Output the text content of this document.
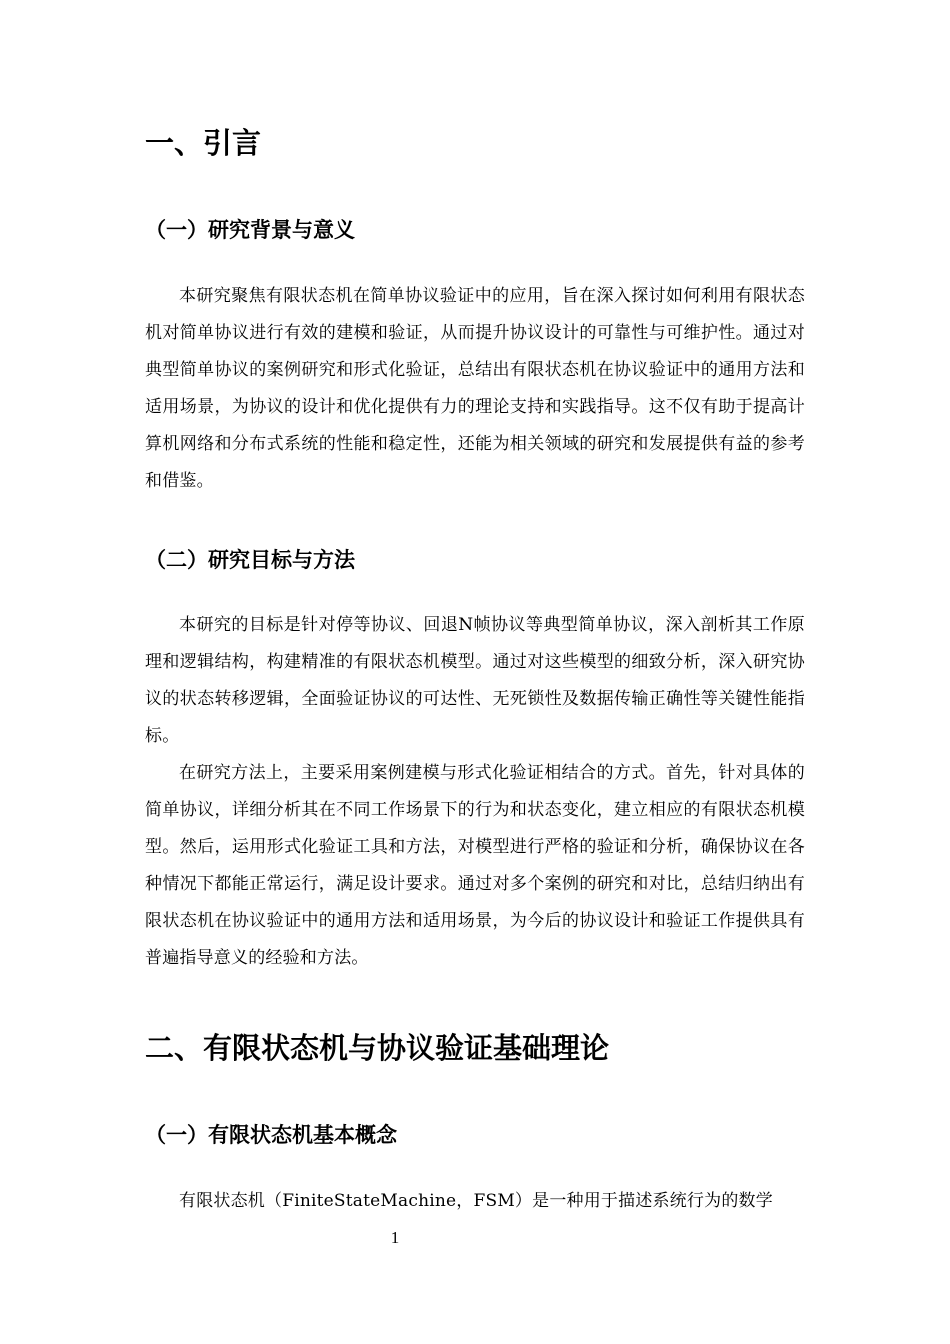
一、引言
（一）研究背景与意义

本研究聚焦有限状态机在简单协议验证中的应用，旨在深入探讨如何利用有限状态机对简单协议进行有效的建模和验证，从而提升协议设计的可靠性与可维护性。通过对典型简单协议的案例研究和形式化验证，总结出有限状态机在协议验证中的通用方法和适用场景，为协议的设计和优化提供有力的理论支持和实践指导。这不仅有助于提高计算机网络和分布式系统的性能和稳定性，还能为相关领域的研究和发展提供有益的参考和借鉴。

（二）研究目标与方法

本研究的目标是针对停等协议、回退N帧协议等典型简单协议，深入剖析其工作原理和逻辑结构，构建精准的有限状态机模型。通过对这些模型的细致分析，深入研究协议的状态转移逻辑，全面验证协议的可达性、无死锁性及数据传输正确性等关键性能指标。

在研究方法上，主要采用案例建模与形式化验证相结合的方式。首先，针对具体的简单协议，详细分析其在不同工作场景下的行为和状态变化，建立相应的有限状态机模型。然后，运用形式化验证工具和方法，对模型进行严格的验证和分析，确保协议在各种情况下都能正常运行，满足设计要求。通过对多个案例的研究和对比，总结归纳出有限状态机在协议验证中的通用方法和适用场景，为今后的协议设计和验证工作提供具有普遍指导意义的经验和方法。

二、有限状态机与协议验证基础理论
（一）有限状态机基本概念

有限状态机（FiniteStateMachine，FSM）是一种用于描述系统行为的数学

1
